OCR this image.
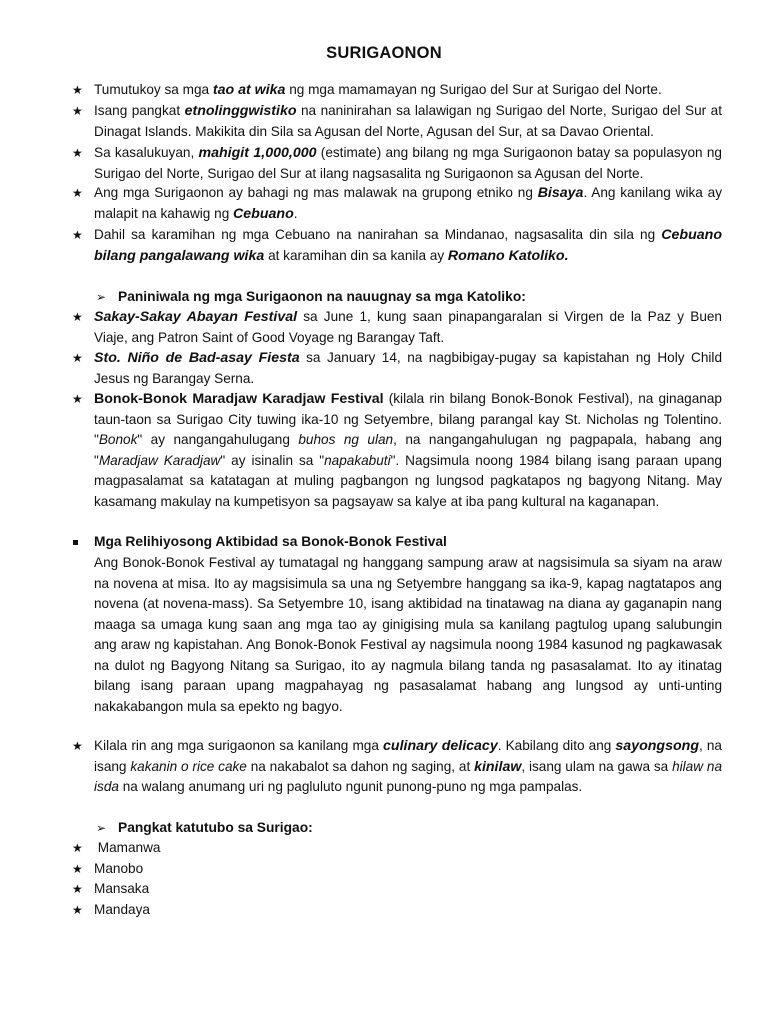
SURIGAONON
★ Tumutukoy sa mga tao at wika ng mga mamamayan ng Surigao del Sur at Surigao del Norte.
★ Isang pangkat etnolinggwistiko na naninirahan sa lalawigan ng Surigao del Norte, Surigao del Sur at Dinagat Islands. Makikita din Sila sa Agusan del Norte, Agusan del Sur, at sa Davao Oriental.
★ Sa kasalukuyan, mahigit 1,000,000 (estimate) ang bilang ng mga Surigaonon batay sa populasyon ng Surigao del Norte, Surigao del Sur at ilang nagsasalita ng Surigaonon sa Agusan del Norte.
★ Ang mga Surigaonon ay bahagi ng mas malawak na grupong etniko ng Bisaya. Ang kanilang wika ay malapit na kahawig ng Cebuano.
★ Dahil sa karamihan ng mga Cebuano na nanirahan sa Mindanao, nagsasalita din sila ng Cebuano bilang pangalawang wika at karamihan din sa kanila ay Romano Katoliko.
➢ Paniniwala ng mga Surigaonon na nauugnay sa mga Katoliko:
★ Sakay-Sakay Abayan Festival sa June 1, kung saan pinapangaralan si Virgen de la Paz y Buen Viaje, ang Patron Saint of Good Voyage ng Barangay Taft.
★ Sto. Niño de Bad-asay Fiesta sa January 14, na nagbibigay-pugay sa kapistahan ng Holy Child Jesus ng Barangay Serna.
★ Bonok-Bonok Maradjaw Karadjaw Festival (kilala rin bilang Bonok-Bonok Festival), na ginaganap taun-taon sa Surigao City tuwing ika-10 ng Setyembre, bilang parangal kay St. Nicholas ng Tolentino. "Bonok" ay nangangahulugang buhos ng ulan, na nangangahulugan ng pagpapala, habang ang "Maradjaw Karadjaw" ay isinalin sa "napakabuti". Nagsimula noong 1984 bilang isang paraan upang magpasalamat sa katatagan at muling pagbangon ng lungsod pagkatapos ng bagyong Nitang. May kasamang makulay na kumpetisyon sa pagsayaw sa kalye at iba pang kultural na kaganapan.
Mga Relihiyosong Aktibidad sa Bonok-Bonok Festival
Ang Bonok-Bonok Festival ay tumatagal ng hanggang sampung araw at nagsisimula sa siyam na araw na novena at misa. Ito ay magsisimula sa una ng Setyembre hanggang sa ika-9, kapag nagtatapos ang novena (at novena-mass). Sa Setyembre 10, isang aktibidad na tinatawag na diana ay gaganapin nang maaga sa umaga kung saan ang mga tao ay ginigising mula sa kanilang pagtulog upang salubungin ang araw ng kapistahan. Ang Bonok-Bonok Festival ay nagsimula noong 1984 kasunod ng pagkawasak na dulot ng Bagyong Nitang sa Surigao, ito ay nagmula bilang tanda ng pasasalamat. Ito ay itinatag bilang isang paraan upang magpahayag ng pasasalamat habang ang lungsod ay unti-unting nakakabangon mula sa epekto ng bagyo.
★ Kilala rin ang mga surigaonon sa kanilang mga culinary delicacy. Kabilang dito ang sayongsong, na isang kakanin o rice cake na nakabalot sa dahon ng saging, at kinilaw, isang ulam na gawa sa hilaw na isda na walang anumang uri ng pagluluto ngunit punong-puno ng mga pampalas.
➢ Pangkat katutubo sa Surigao:
★ Mamanwa
★ Manobo
★ Mansaka
★ Mandaya
